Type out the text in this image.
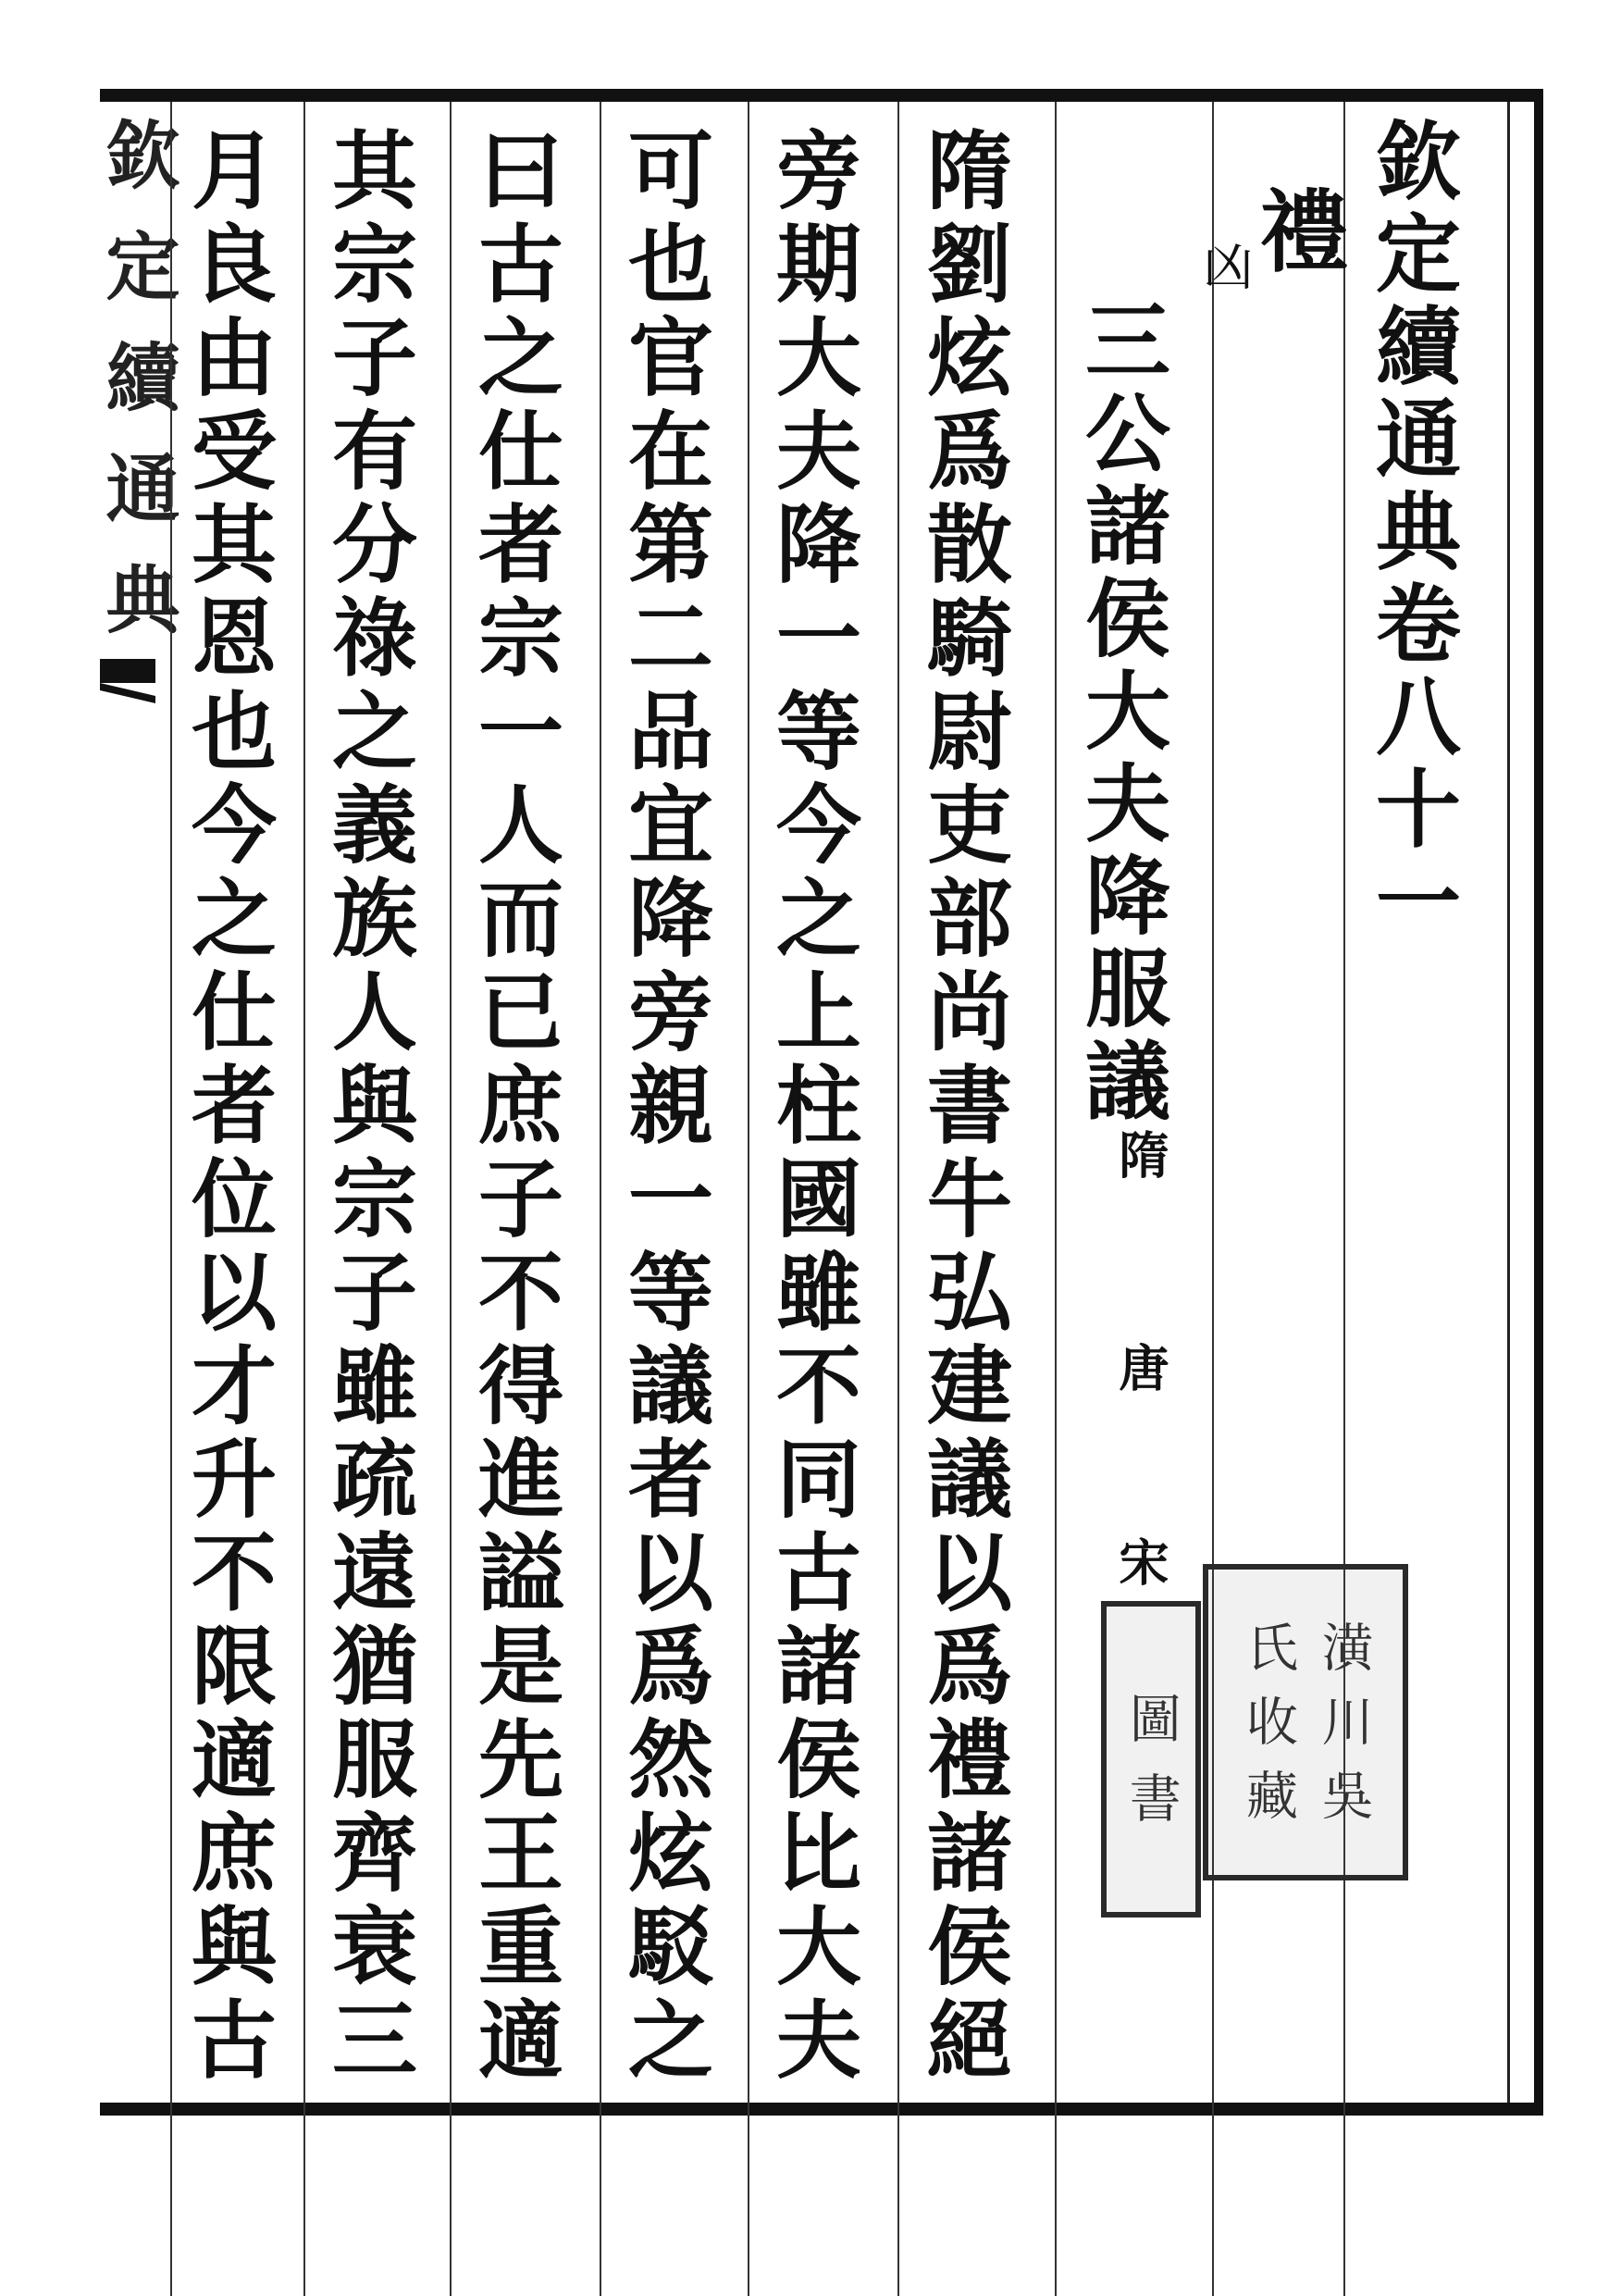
欽定續通典	欽定續通典卷八十一
禮
凶
三公諸侯大夫降服議
隋
唐
宋
隋劉炫爲散騎尉吏部尚書牛弘建議以爲禮諸侯絕
旁期大夫降一等今之上柱國雖不同古諸侯比大夫
可也官在第二品宜降旁親一等議者以爲然炫駁之
曰古之仕者宗一人而已庶子不得進謚是先王重適
其宗子有分祿之義族人與宗子雖疏遠猶服齊衰三
月良由受其恩也今之仕者位以才升不限適庶與古	圖
書
潢
川
吳
氏
收
藏
